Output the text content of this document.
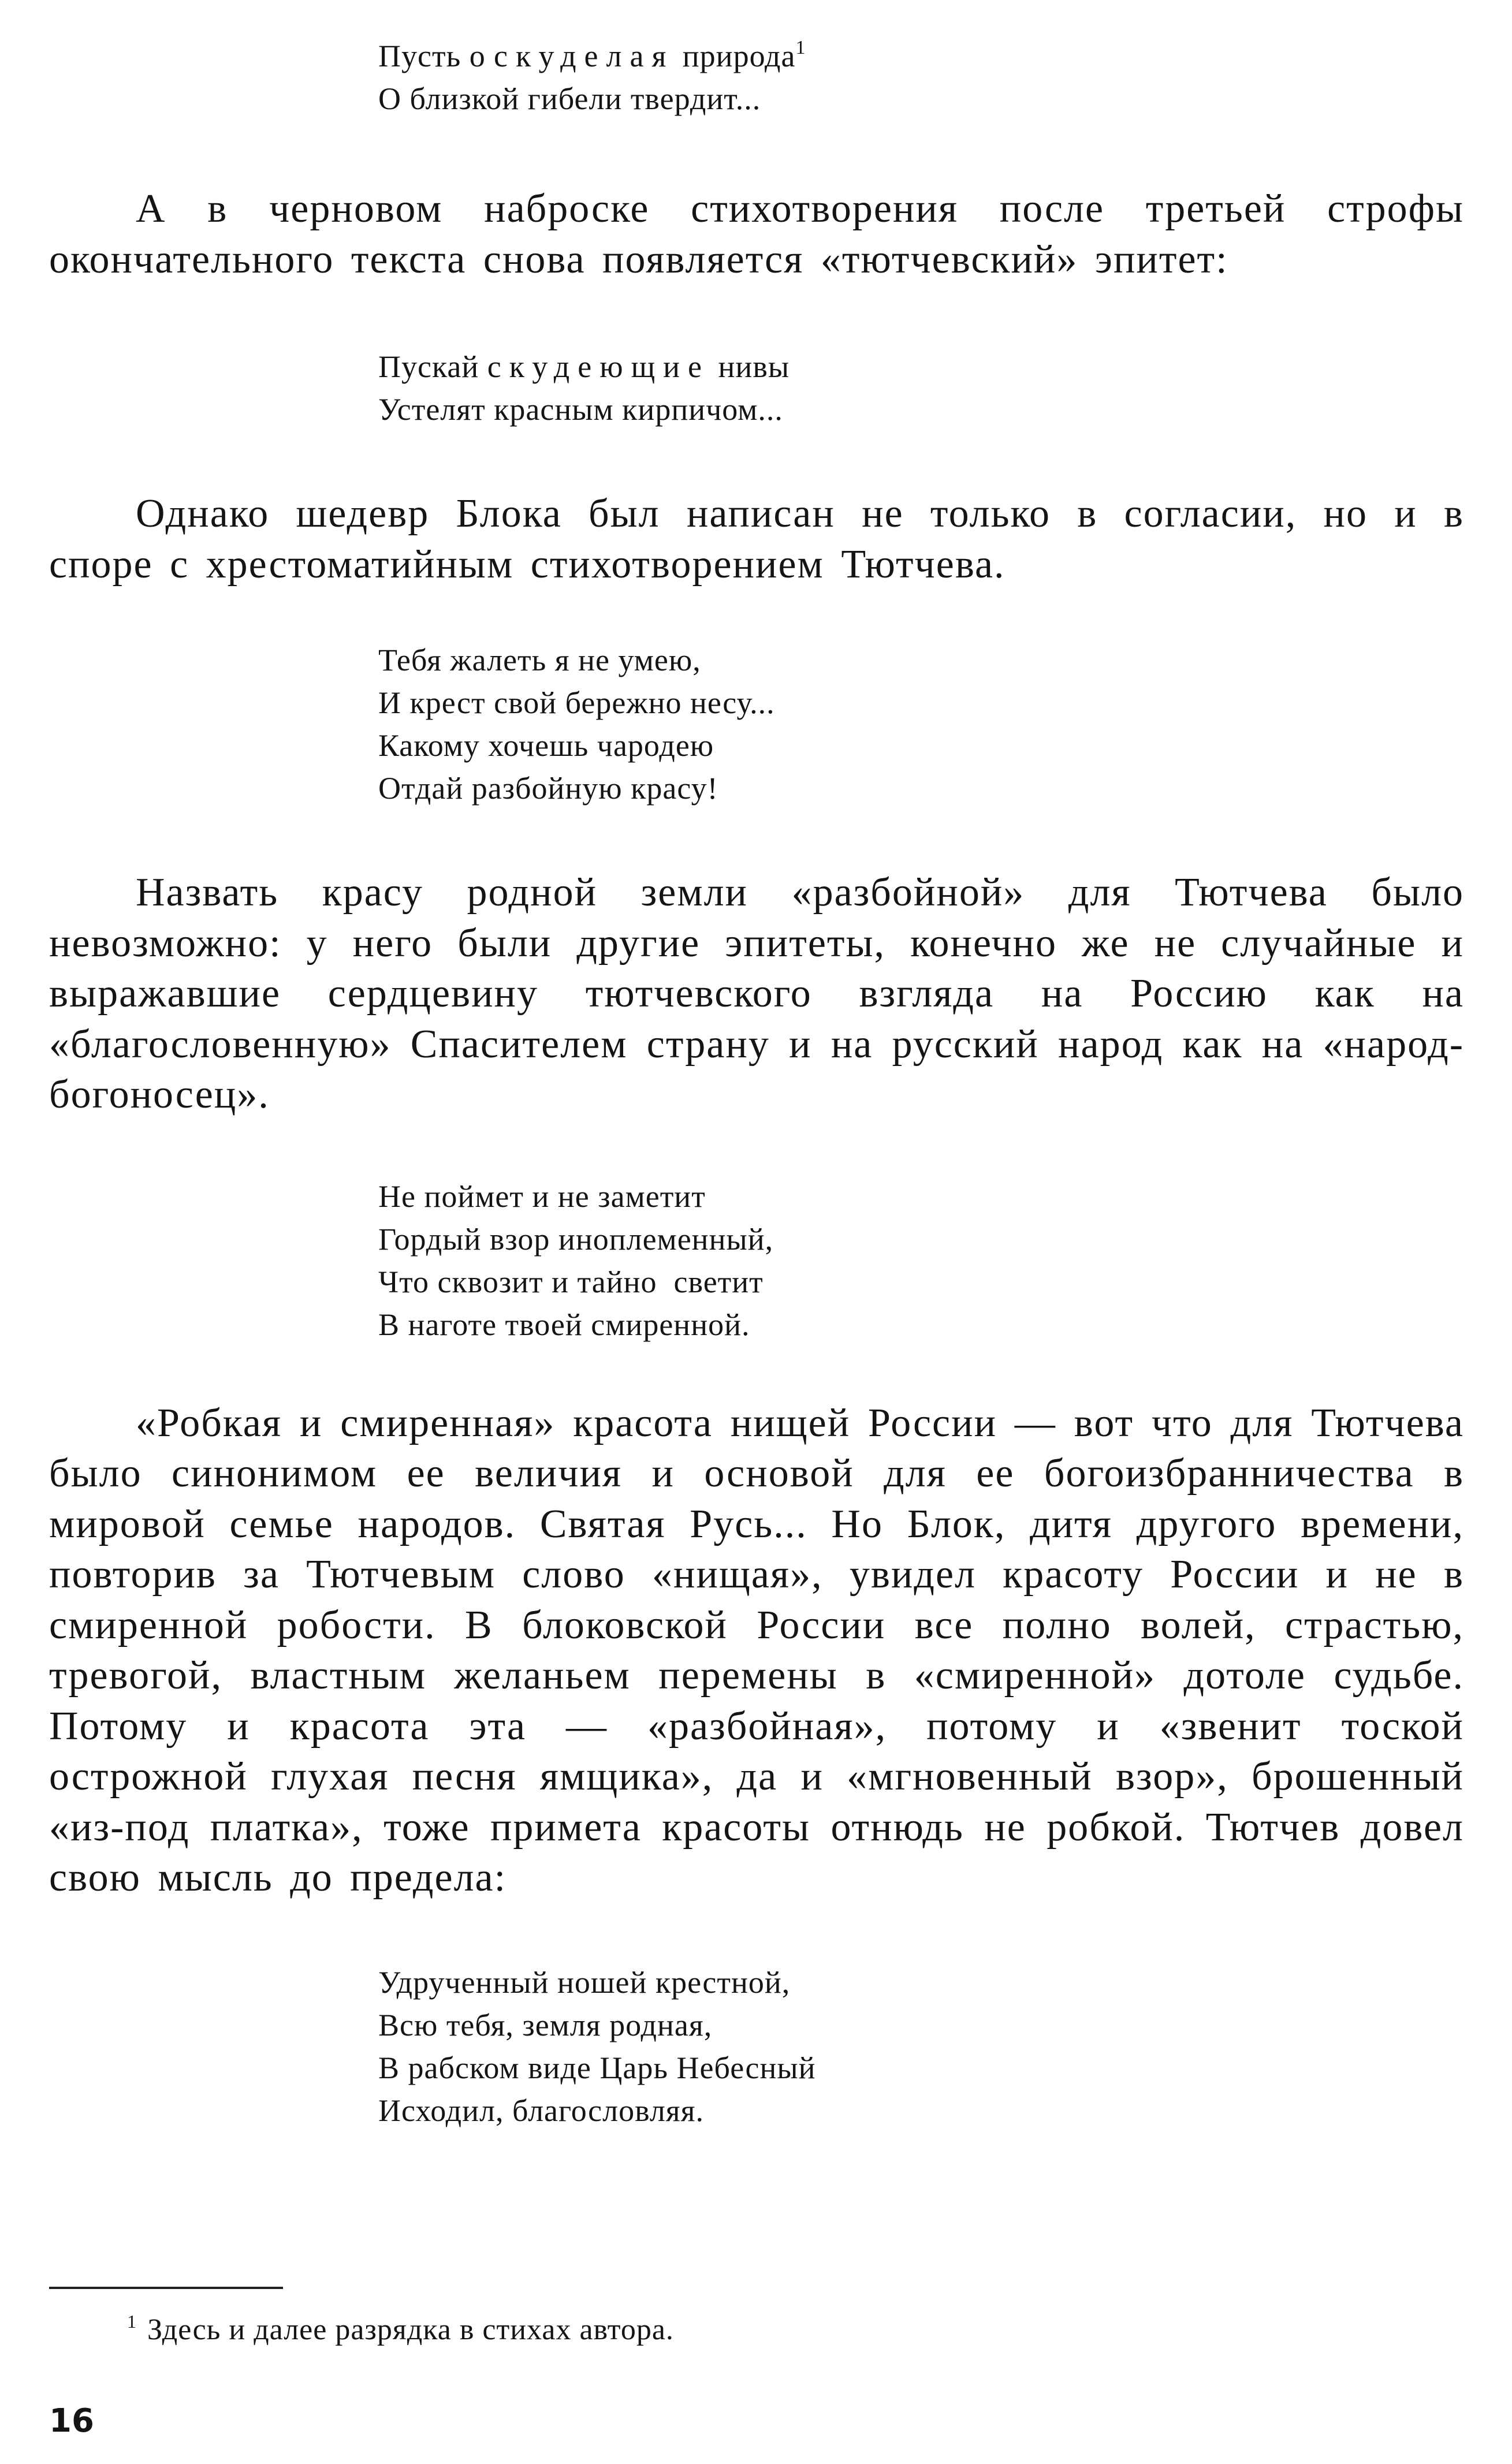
Пусть оскуделая природа$^1$
О близкой гибели твердит...

А в черновом наброске стихотворения после третьей строфы окончательного текста снова появляется «тютчевский» эпитет:

Пускай скудеющие нивы
Устелят красным кирпичом...

Однако шедевр Блока был написан не только в согласии, но и в споре с хрестоматийным стихотворением Тютчева.

Тебя жалеть я не умею,
И крест свой бережно несу...
Какому хочешь чародею
Отдай разбойную красу!

Назвать красу родной земли «разбойной» для Тютчева было невозможно: у него были другие эпитеты, конечно же не случайные и выражавшие сердцевину тютчевского взгляда на Россию как на «благословенную» Спасителем страну и на русский народ как на «народ-богоносец».

Не поймет и не заметит
Гордый взор иноплеменный,
Что сквозит и тайно  светит
В наготе твоей смиренной.

«Робкая и смиренная» красота нищей России — вот что для Тютчева было синонимом ее величия и основой для ее богоизбранничества в мировой семье народов. Святая Русь... Но Блок, дитя другого времени, повторив за Тютчевым слово «нищая», увидел красоту России и не в смиренной робости. В блоковской России все полно волей, страстью, тревогой, властным желаньем перемены в «смиренной» дотоле судьбе. Потому и красота эта — «разбойная», потому и «звенит тоской острожной глухая песня ямщика», да и «мгновенный взор», брошенный «из-под платка», тоже примета красоты отнюдь не робкой. Тютчев довел свою мысль до предела:

Удрученный ношей крестной,
Всю тебя, земля родная,
В рабском виде Царь Небесный
Исходил, благословляя.
$^1$ Здесь и далее разрядка в стихах автора.
16
